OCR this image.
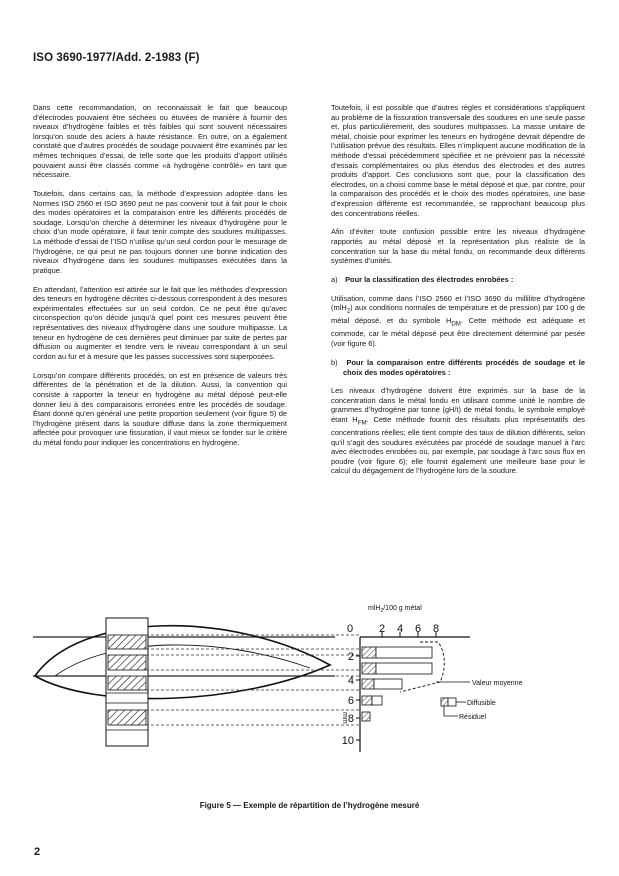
ISO 3690-1977/Add. 2-1983 (F)

Dans cette recommandation, on reconnaissait le fait que beaucoup d’électrodes pouvaient être séchées ou étuvées de manière à fournir des niveaux d’hydrogène faibles et très faibles qui sont souvent nécessaires lorsqu’on soude des aciers à haute résistance. En outre, on a également constaté que d’autres procédés de soudage pouvaient être examinés par les mêmes techniques d’essai, de telle sorte que les produits d’apport utilisés pouvaient aussi être classés comme «à hydrogène contrôlé» en tant que nécessaire.

Toutefois, dans certains cas, la méthode d’expression adoptée dans les Normes ISO 2560 et ISO 3690 peut ne pas convenir tout à fait pour le choix des modes opératoires et la comparaison entre les différents procédés de soudage. Lorsqu’on cherche à déterminer les niveaux d’hydrogène pour le choix d’un mode opératoire, il faut tenir compte des soudures multipasses. La méthode d’essai de l’ISO n’utilise qu’un seul cordon pour le mesurage de l’hydrogène, ce qui peut ne pas toujours donner une bonne indication des niveaux d’hydrogène dans les soudures multipasses exécutées dans la pratique.

En attendant, l’attention est attirée sur le fait que les méthodes d’expression des teneurs en hydrogène décrites ci-dessous correspondent à des mesures expérimentales effectuées sur un seul cordon. Ce ne peut être qu’avec circonspection qu’on décide jusqu’à quel point ces mesures peuvent être représentatives des niveaux d’hydrogène dans une soudure multipasse. La teneur en hydrogène de ces dernières peut diminuer par suite de pertes par diffusion ou augmenter et tendre vers le niveau correspondant à un seul cordon au fur et à mesure que les passes successives sont superposées.

Lorsqu’on compare différents procédés, on est en présence de valeurs très différentes de la pénétration et de la dilution. Aussi, la convention qui consiste à rapporter la teneur en hydrogène au métal déposé peut-elle donner lieu à des comparaisons erronées entre les procédés de soudage. Étant donné qu’en général une petite proportion seulement (voir figure 5) de l’hydrogène présent dans la soudure diffuse dans la zone thermiquement affectée pour provoquer une fissuration, il vaut mieux se fonder sur le critère du métal fondu pour indiquer les concentrations en hydrogène.

Toutefois, il est possible que d’autres règles et considérations s’appliquent au problème de la fissuration transversale des soudures en une seule passe et, plus particulièrement, des soudures multipasses. La masse unitaire de métal, choisie pour exprimer les teneurs en hydrogène devrait dépendre de l’utilisation prévue des résultats. Elles n’impliquent aucune modification de la méthode d’essai précédemment spécifiée et ne prévoient pas la nécessité d’essais complémentaires ou plus étendus des électrodes et des autres produits d’apport. Ces conclusions sont que, pour la classification des électrodes, on a choisi comme base le métal déposé et que, par contre, pour la comparaison des procédés et le choix des modes opératoires, une base d’expression différente est recommandée, se rapprochant beaucoup plus des concentrations réelles.

Afin d’éviter toute confusion possible entre les niveaux d’hydrogène rapportés au métal déposé et la représentation plus réaliste de la concentration sur la base du métal fondu, on recommande deux différents systèmes d’unités.

a) Pour la classification des électrodes enrobées :

Utilisation, comme dans l’ISO 2560 et l’ISO 3690 du millilitre d’hydrogène (mlH$_2$) aux conditions normales de température et de pression) par 100 g de métal déposé, et du symbole $H_{DM}$. Cette méthode est adéquate et commode, car le métal déposé peut être directement déterminé par pesée (voir figure 6).

b) Pour la comparaison entre différents procédés de soudage et le choix des modes opératoires :

Les niveaux d’hydrogène doivent être exprimés sur la base de la concentration dans le métal fondu en utilisant comme unité le nombre de grammes d’hydrogène par tonne (gH/t) de métal fondu, le symbole employé étant $H_{FM}$. Cette méthode fournit des résultats plus représentatifs des concentrations réelles; elle tient compte des taux de dilution différents, selon qu’il s’agit des soudures exécutées par procédé de soudage manuel à l’arc avec électrodes enrobées ou, par exemple, par soudage à l’arc sous flux en poudre (voir figure 6); elle fournit également une meilleure base pour le calcul du dégagement de l’hydrogène lors de la soudure.

mlH$_2$/100 g métal
0 2 4 6 8
2
4
6
8
10
mm
Valeur moyenne
Diffusible
Résiduel
Figure 5 — Exemple de répartition de l’hydrogène mesuré
2
